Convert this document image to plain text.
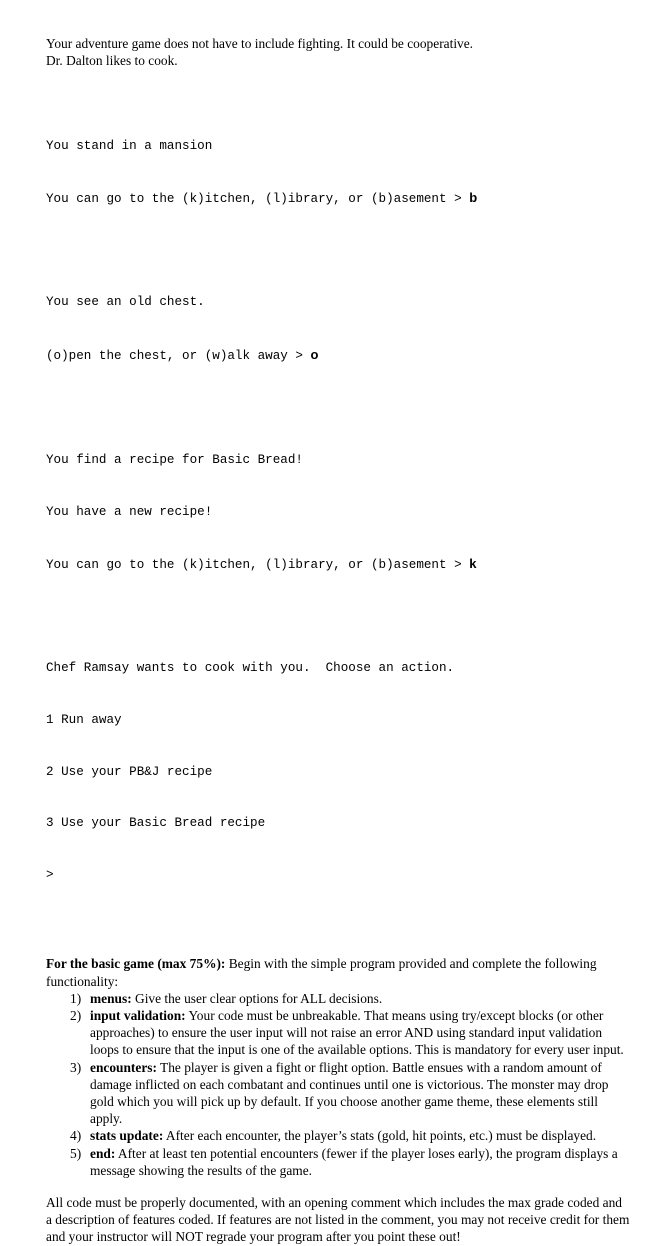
Your adventure game does not have to include fighting. It could be cooperative.
Dr. Dalton likes to cook.

You stand in a mansion

You can go to the (k)itchen, (l)ibrary, or (b)asement > b

You see an old chest.

(o)pen the chest, or (w)alk away > o

You find a recipe for Basic Bread!

You have a new recipe!

You can go to the (k)itchen, (l)ibrary, or (b)asement > k

Chef Ramsay wants to cook with you.  Choose an action.

1 Run away

2 Use your PB&J recipe

3 Use your Basic Bread recipe

>

For the basic game (max 75%): Begin with the simple program provided and complete the following functionality:
1) menus: Give the user clear options for ALL decisions.
2) input validation: Your code must be unbreakable. That means using try/except blocks (or other approaches) to ensure the user input will not raise an error AND using standard input validation loops to ensure that the input is one of the available options. This is mandatory for every user input.
3) encounters: The player is given a fight or flight option. Battle ensues with a random amount of damage inflicted on each combatant and continues until one is victorious. The monster may drop gold which you will pick up by default. If you choose another game theme, these elements still apply.
4) stats update: After each encounter, the player’s stats (gold, hit points, etc.) must be displayed.
5) end: After at least ten potential encounters (fewer if the player loses early), the program displays a message showing the results of the game.
All code must be properly documented, with an opening comment which includes the max grade coded and a description of features coded. If features are not listed in the comment, you may not receive credit for them and your instructor will NOT regrade your program after you point these out!
